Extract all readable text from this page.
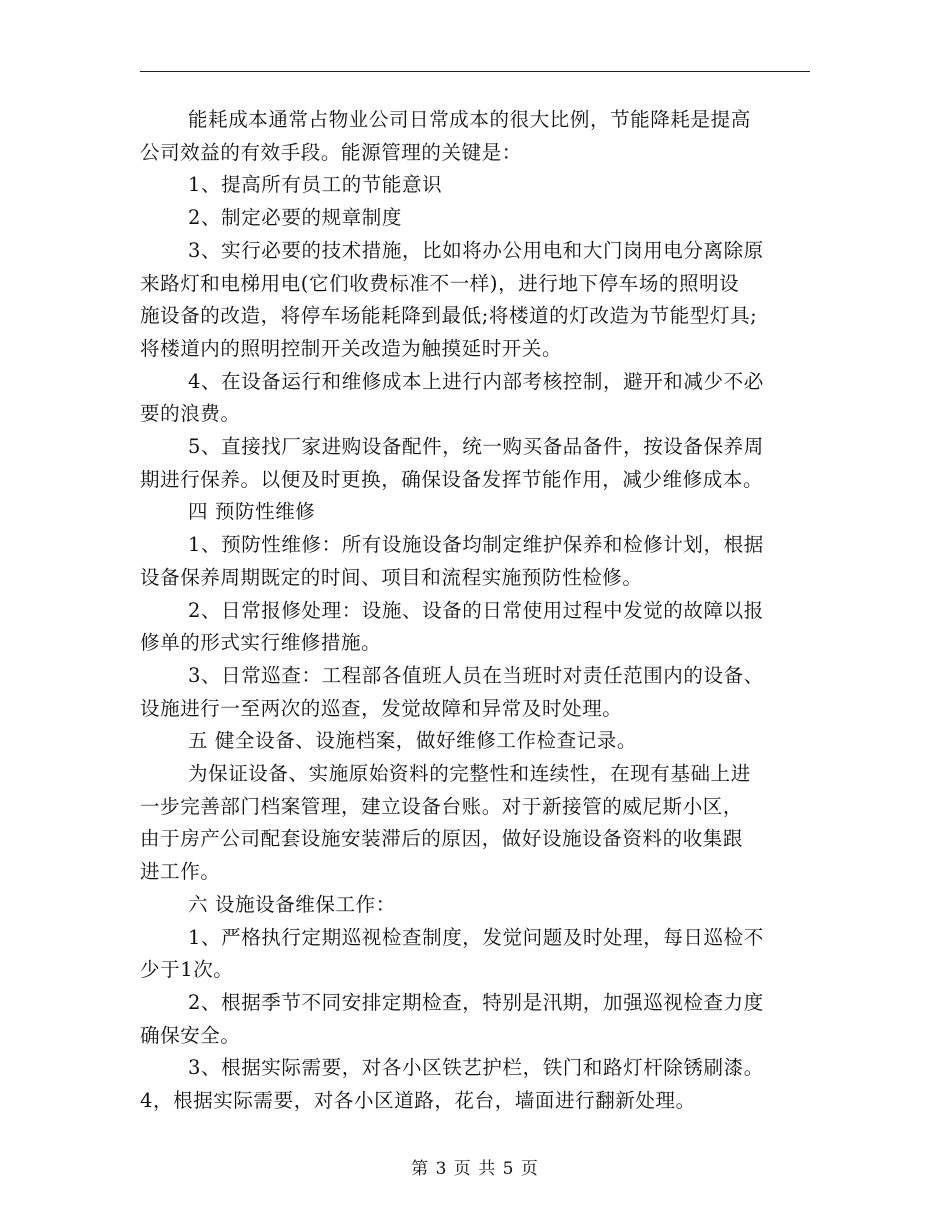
能耗成本通常占物业公司日常成本的很大比例，节能降耗是提高
公司效益的有效手段。能源管理的关键是：
1、提高所有员工的节能意识
2、制定必要的规章制度
3、实行必要的技术措施，比如将办公用电和大门岗用电分离除原
来路灯和电梯用电(它们收费标准不一样)，进行地下停车场的照明设
施设备的改造，将停车场能耗降到最低;将楼道的灯改造为节能型灯具;
将楼道内的照明控制开关改造为触摸延时开关。
4、在设备运行和维修成本上进行内部考核控制，避开和减少不必
要的浪费。
5、直接找厂家进购设备配件，统一购买备品备件，按设备保养周
期进行保养。以便及时更换，确保设备发挥节能作用，减少维修成本。
四 预防性维修
1、预防性维修：所有设施设备均制定维护保养和检修计划，根据
设备保养周期既定的时间、项目和流程实施预防性检修。
2、日常报修处理：设施、设备的日常使用过程中发觉的故障以报
修单的形式实行维修措施。
3、日常巡查：工程部各值班人员在当班时对责任范围内的设备、
设施进行一至两次的巡查，发觉故障和异常及时处理。
五 健全设备、设施档案，做好维修工作检查记录。
为保证设备、实施原始资料的完整性和连续性，在现有基础上进
一步完善部门档案管理，建立设备台账。对于新接管的威尼斯小区，
由于房产公司配套设施安装滞后的原因，做好设施设备资料的收集跟
进工作。
六 设施设备维保工作：
1、严格执行定期巡视检查制度，发觉问题及时处理，每日巡检不
少于1次。
2、根据季节不同安排定期检查，特别是汛期，加强巡视检查力度
确保安全。
3、根据实际需要，对各小区铁艺护栏，铁门和路灯杆除锈刷漆。
4，根据实际需要，对各小区道路，花台，墙面进行翻新处理。
第 3 页 共 5 页
